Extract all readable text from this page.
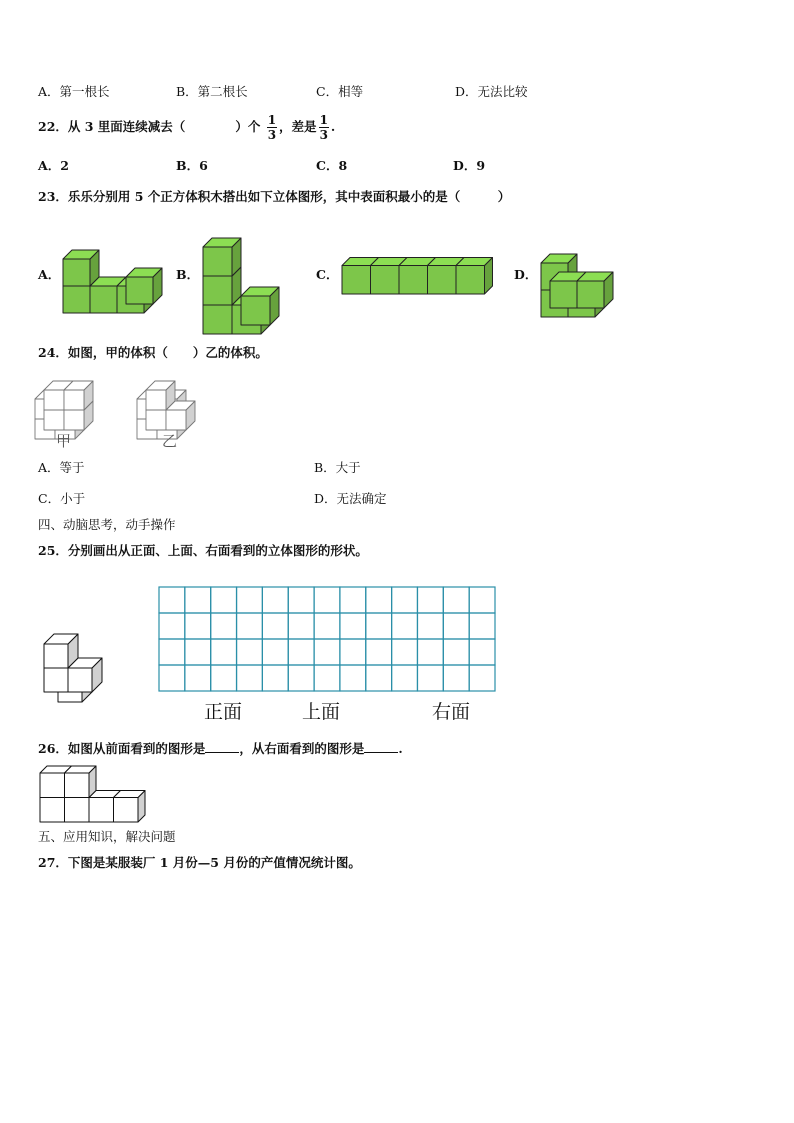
A．第一根长	B．第二根长	C．相等	D．无法比较
22．从 3 里面连续减去（　　　　	）个 $\frac{1}{3}$ ，差是 $\frac{1}{3}$ .
A．2	B．6	C．8	D．9
23．乐乐分别用 5 个正方体积木搭出如下立体图形，其中表面积最小的是（　　　）
A．	B．	C．	D．
24．如图，甲的体积（　　）乙的体积。
甲	乙
A．等于	B．大于
C．小于	D．无法确定
四、动脑思考，动手操作
25．分别画出从正面、上面、右面看到的立体图形的形状。
正面	上面	右面
26．如图从前面看到的图形是	，从右面看到的图形是	.
五、应用知识，解决问题
27．下图是某服装厂 1 月份—5 月份的产值情况统计图。
